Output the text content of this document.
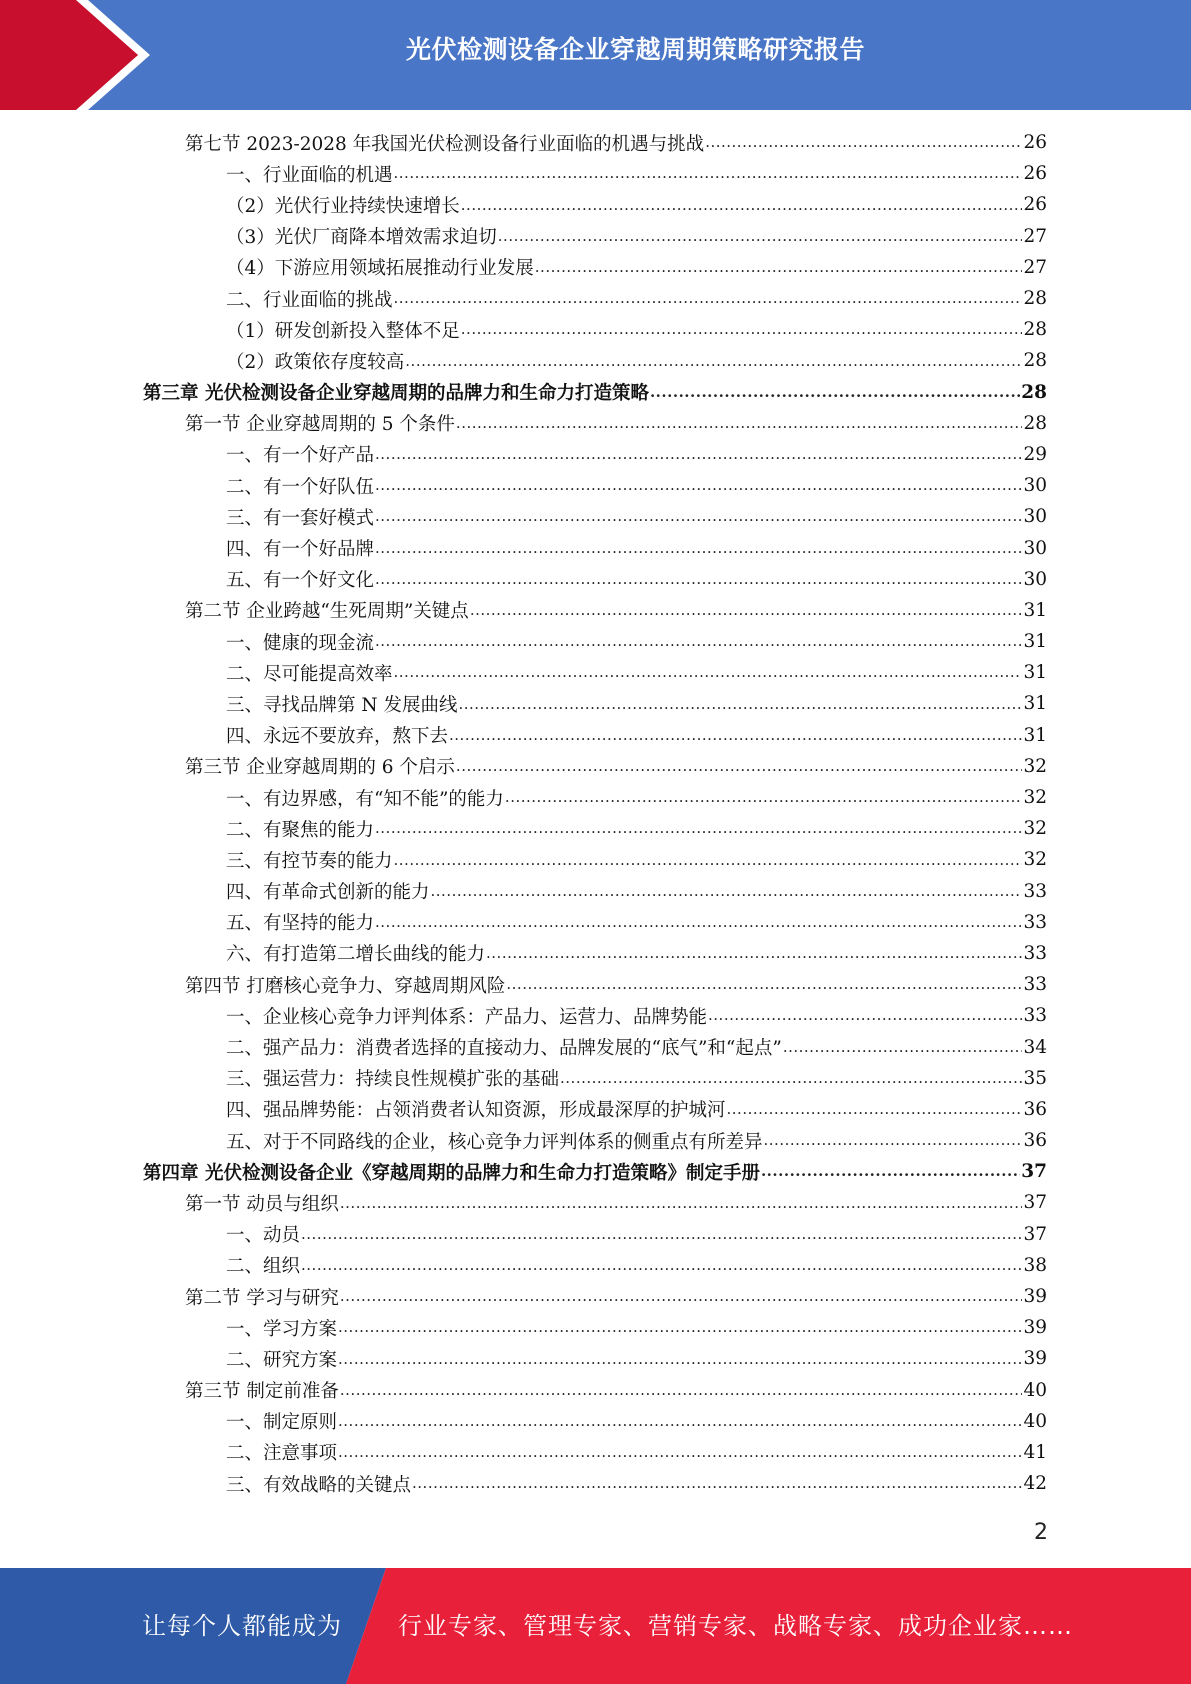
光伏检测设备企业穿越周期策略研究报告
第七节 2023-2028 年我国光伏检测设备行业面临的机遇与挑战 .....	26
一、行业面临的机遇 .....	26
（2）光伏行业持续快速增长 .....	26
（3）光伏厂商降本增效需求迫切 .....	27
（4）下游应用领域拓展推动行业发展 .....	27
二、行业面临的挑战 .....	28
（1）研发创新投入整体不足 .....	28
（2）政策依存度较高 .....	28
第三章 光伏检测设备企业穿越周期的品牌力和生命力打造策略 .....	28
第一节 企业穿越周期的 5 个条件 .....	28
一、有一个好产品 .....	29
二、有一个好队伍 .....	30
三、有一套好模式 .....	30
四、有一个好品牌 .....	30
五、有一个好文化 .....	30
第二节 企业跨越“生死周期”关键点 .....	31
一、健康的现金流 .....	31
二、尽可能提高效率 .....	31
三、寻找品牌第 N 发展曲线 .....	31
四、永远不要放弃，熬下去 .....	31
第三节 企业穿越周期的 6 个启示 .....	32
一、有边界感，有“知不能”的能力 .....	32
二、有聚焦的能力 .....	32
三、有控节奏的能力 .....	32
四、有革命式创新的能力 .....	33
五、有坚持的能力 .....	33
六、有打造第二增长曲线的能力 .....	33
第四节 打磨核心竞争力、穿越周期风险 .....	33
一、企业核心竞争力评判体系：产品力、运营力、品牌势能 .....	33
二、强产品力：消费者选择的直接动力、品牌发展的“底气”和“起点” .....	34
三、强运营力：持续良性规模扩张的基础 .....	35
四、强品牌势能：占领消费者认知资源，形成最深厚的护城河 .....	36
五、对于不同路线的企业，核心竞争力评判体系的侧重点有所差异 .....	36
第四章 光伏检测设备企业《穿越周期的品牌力和生命力打造策略》制定手册 .....	37
第一节 动员与组织 .....	37
一、动员 .....	37
二、组织 .....	38
第二节 学习与研究 .....	39
一、学习方案 .....	39
二、研究方案 .....	39
第三节 制定前准备 .....	40
一、制定原则 .....	40
二、注意事项 .....	41
三、有效战略的关键点 .....	42
2
让每个人都能成为 行业专家、管理专家、营销专家、战略专家、成功企业家……
